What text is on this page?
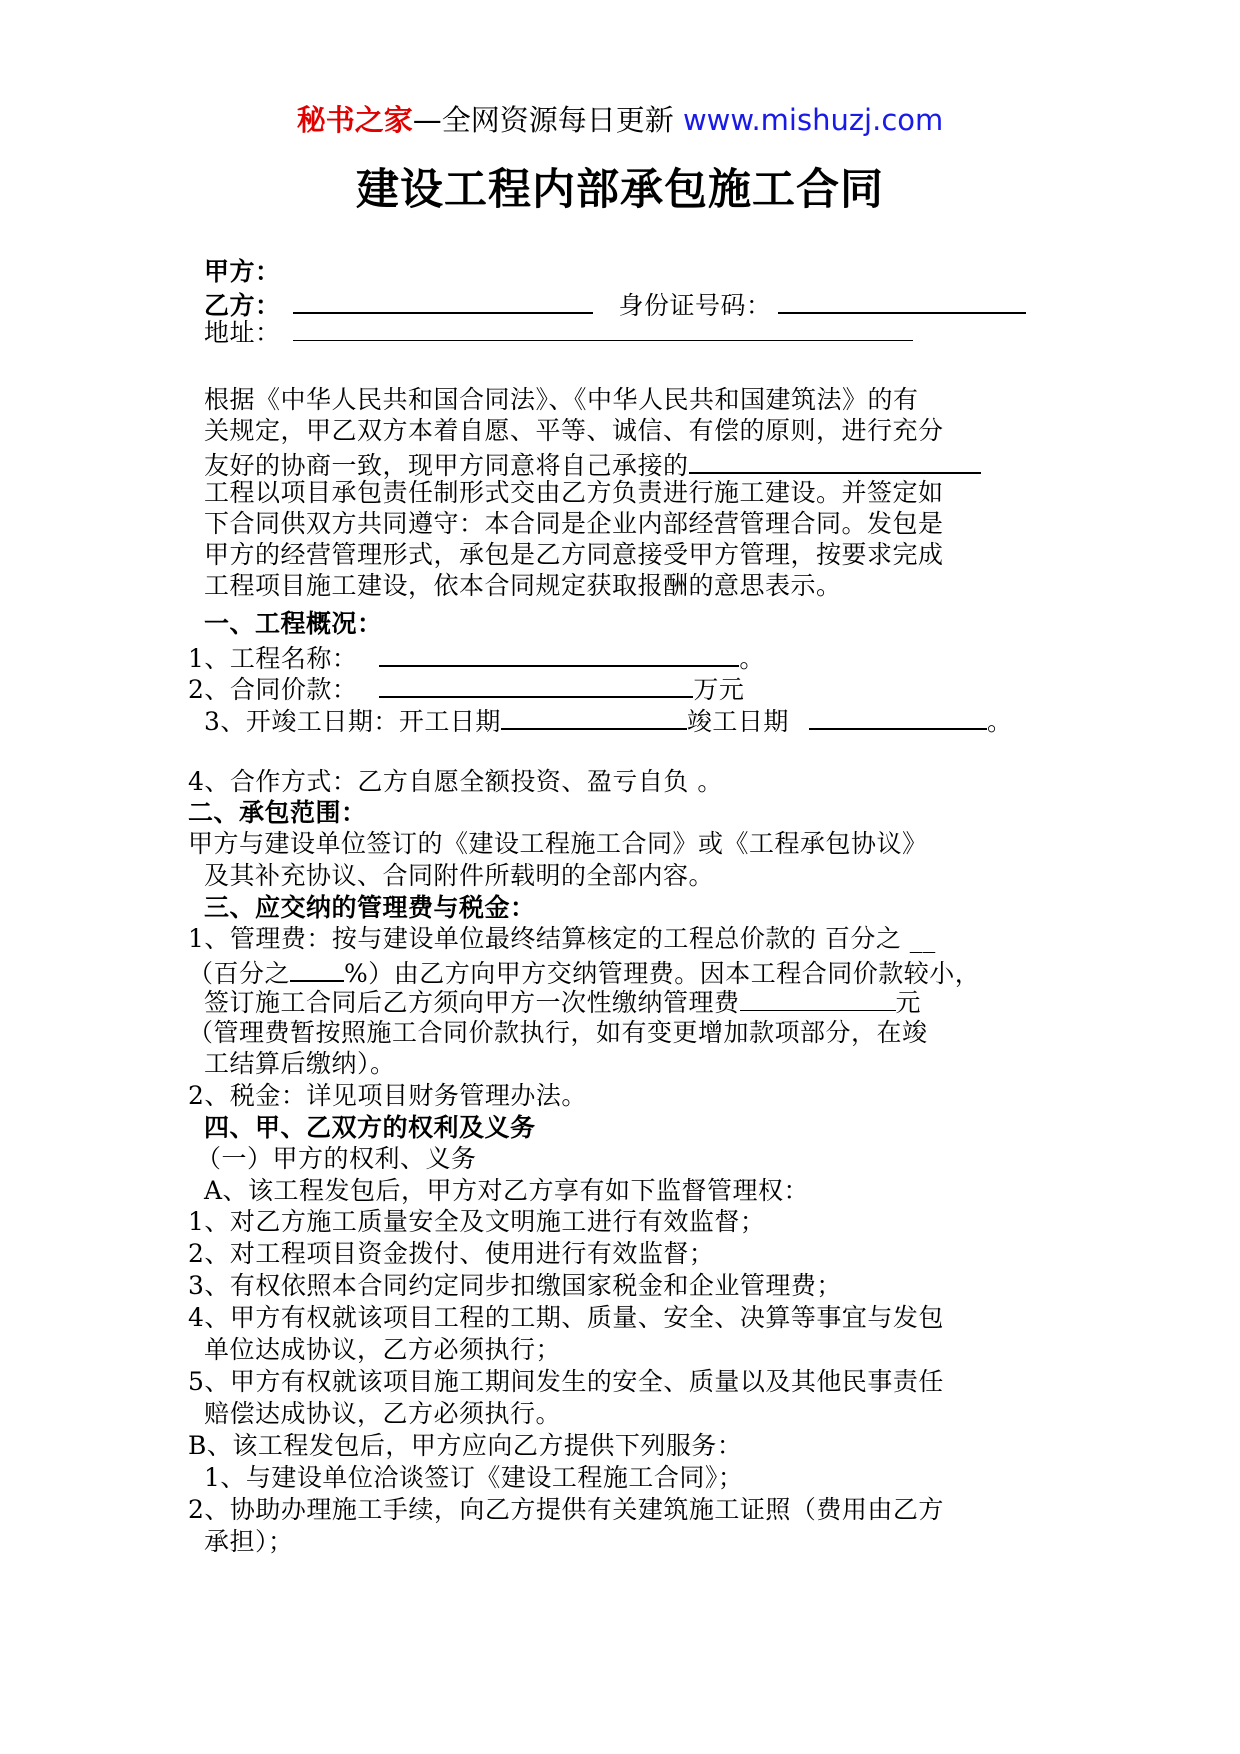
秘书之家—全网资源每日更新 www.mishuzj.com
建设工程内部承包施工合同
甲方：
乙方：	身份证号码：
地址：
根据《中华人民共和国合同法》、《中华人民共和国建筑法》的有
关规定，甲乙双方本着自愿、平等、诚信、有偿的原则，进行充分
友好的协商一致，现甲方同意将自己承接的
工程以项目承包责任制形式交由乙方负责进行施工建设。并签定如
下合同供双方共同遵守：本合同是企业内部经营管理合同。发包是
甲方的经营管理形式，承包是乙方同意接受甲方管理，按要求完成
工程项目施工建设，依本合同规定获取报酬的意思表示。
一、工程概况：
1、工程名称：	。
2、合同价款：	万元
3、开竣工日期：开工日期	竣工日期	。
4、合作方式：乙方自愿全额投资、盈亏自负 。
二、承包范围：
甲方与建设单位签订的《建设工程施工合同》或《工程承包协议》
及其补充协议、合同附件所载明的全部内容。
三、应交纳的管理费与税金：
1、管理费：按与建设单位最终结算核定的工程总价款的 百分之 __
（百分之 %）由乙方向甲方交纳管理费。因本工程合同价款较小，
签订施工合同后乙方须向甲方一次性缴纳管理费	元
（管理费暂按照施工合同价款执行，如有变更增加款项部分，在竣
工结算后缴纳）。
2、税金：详见项目财务管理办法。
四、甲、乙双方的权利及义务
（一）甲方的权利、义务
A、该工程发包后，甲方对乙方享有如下监督管理权：
1、对乙方施工质量安全及文明施工进行有效监督；
2、对工程项目资金拨付、使用进行有效监督；
3、有权依照本合同约定同步扣缴国家税金和企业管理费；
4、甲方有权就该项目工程的工期、质量、安全、决算等事宜与发包
单位达成协议，乙方必须执行；
5、甲方有权就该项目施工期间发生的安全、质量以及其他民事责任
赔偿达成协议，乙方必须执行。
B、该工程发包后，甲方应向乙方提供下列服务：
1、与建设单位洽谈签订《建设工程施工合同》；
2、协助办理施工手续，向乙方提供有关建筑施工证照（费用由乙方
承担）；
